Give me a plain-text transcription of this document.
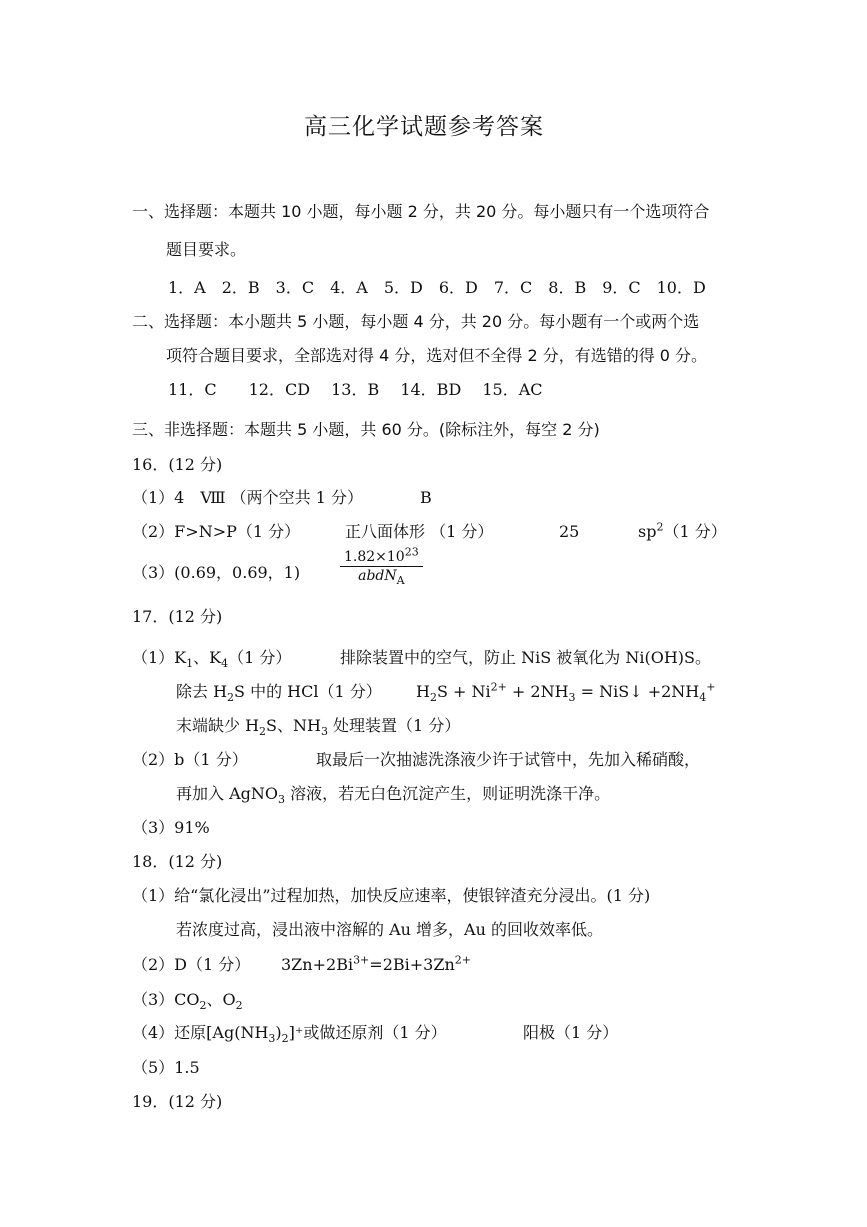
高三化学试题参考答案
一、选择题：本题共 10 小题，每小题 2 分，共 20 分。每小题只有一个选项符合
题目要求。
1．A　2．B　3．C　4．A　5．D　6．D　7．C　8．B　9．C　10．D
二、选择题：本小题共 5 小题，每小题 4 分，共 20 分。每小题有一个或两个选
项符合题目要求，全部选对得 4 分，选对但不全得 2 分，有选错的得 0 分。
11．C　　12．CD　 13．B　 14．BD　 15．AC
三、非选择题：本题共 5 小题，共 60 分。(除标注外，每空 2 分)
16．(12 分)
（1）4　Ⅷ （两个空共 1 分）	B
（2）F>N>P（1 分）	正八面体形 （1 分）	25	$sp^2(1$ 分）
（3）(0.69，0.69，1)
$1.82\times 10^{23}$
abdN$_A$
17．(12 分)
$(1)K_1$、$K_4(1$ 分）	排除装置中的空气，防止 NiS 被氧化为 Ni(OH)S。
除去 $H_2S$ 中的 HCl（1 分） $H_2S + Ni^{2+} + 2NH_3$ = NiS↓ $+2NH_4^+$
末端缺少 $H_2S$、$NH_3$ 处理装置（1 分）
（2）b（1 分）	取最后一次抽滤洗涤液少许于试管中，先加入稀硝酸，
再加入 AgNO$_3$ 溶液，若无白色沉淀产生，则证明洗涤干净。
（3）91%
18．(12 分)
（1）给“氯化浸出”过程加热，加快反应速率，使银锌渣充分浸出。(1 分)
若浓度过高，浸出液中溶解的 Au 增多，Au 的回收效率低。
（2）D（1 分） $3Zn+2Bi^{3+}=2Bi+3Zn^{2+}$
$(3)CO_2$、$O_2$
（4）还原$[Ag(NH_3)_2]^+$或做还原剂（1 分）	阳极（1 分）
（5）1.5
19．(12 分)
